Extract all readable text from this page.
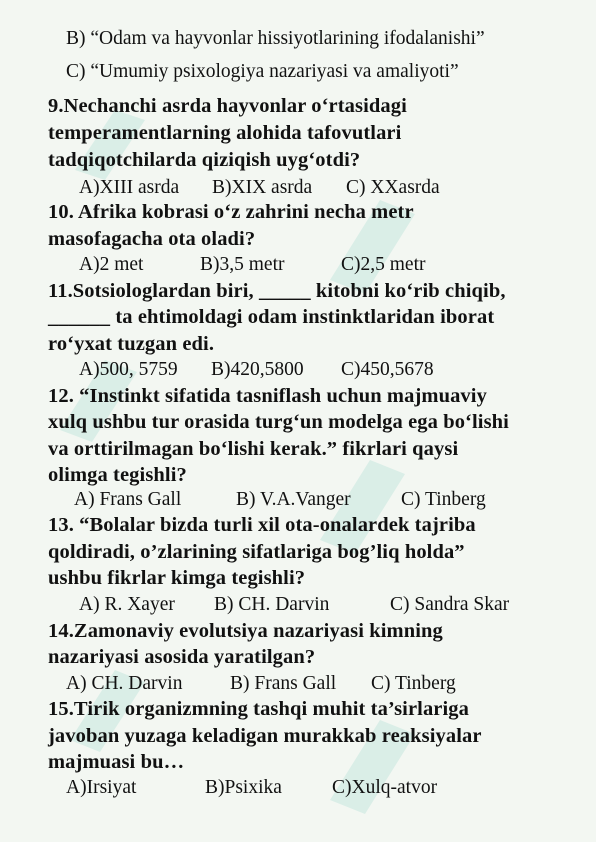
B) “Odam va hayvonlar hissiyotlarining ifodalanishi”
C) “Umumiy psixologiya nazariyasi va amaliyoti”
9.Nechanchi asrda hayvonlar o‘rtasidagi
temperamentlarning alohida tafovutlari
tadqiqotchilarda qiziqish uyg‘otdi?
A)XIII asrda B)XIX asrda C) XXasrda
10. Afrika kobrasi o‘z zahrini necha metr
masofagacha ota oladi?
A)2 met	B)3,5 metr	C)2,5 metr
11.Sotsiologlardan biri, _____ kitobni ko‘rib chiqib,
______ ta ehtimoldagi odam instinktlaridan iborat
ro‘yxat tuzgan edi.
A)500, 5759 B)420,5800 C)450,5678
12. “Instinkt sifatida tasniflash uchun majmuaviy
xulq ushbu tur orasida turg‘un modelga ega bo‘lishi
va orttirilmagan bo‘lishi kerak.” fikrlari qaysi
olimga tegishli?
A) Frans Gall	B) V.A.Vanger	C) Tinberg
13. “Bolalar bizda turli xil ota-onalardek tajriba
qoldiradi, o’zlarining sifatlariga bog’liq holda”
ushbu fikrlar kimga tegishli?
A) R. Xayer B) CH. Darvin	C) Sandra Skar
14.Zamonaviy evolutsiya nazariyasi kimning
nazariyasi asosida yaratilgan?
A) CH. Darvin B) Frans Gall C) Tinberg
15.Tirik organizmning tashqi muhit ta’sirlariga
javoban yuzaga keladigan murakkab reaksiyalar
majmuasi bu…
A)Irsiyat	B)Psixika	C)Xulq-atvor
